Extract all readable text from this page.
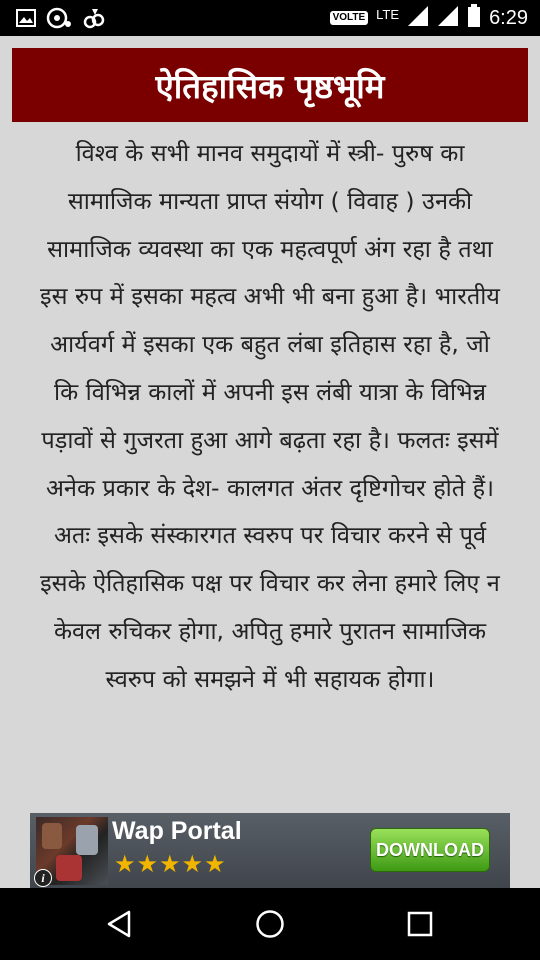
VOLTE LTE	6:29
ऐतिहासिक पृष्ठभूमि

विश्व के सभी मानव समुदायों में स्त्री- पुरुष का

सामाजिक मान्यता प्राप्त संयोग ( विवाह ) उनकी

सामाजिक व्यवस्था का एक महत्वपूर्ण अंग रहा है तथा

इस रुप में इसका महत्व अभी भी बना हुआ है। भारतीय

आर्यवर्ग में इसका एक बहुत लंबा इतिहास रहा है, जो

कि विभिन्न कालों में अपनी इस लंबी यात्रा के विभिन्न

पड़ावों से गुजरता हुआ आगे बढ़ता रहा है। फलतः इसमें

अनेक प्रकार के देश- कालगत अंतर दृष्टिगोचर होते हैं।

अतः इसके संस्कारगत स्वरुप पर विचार करने से पूर्व

इसके ऐतिहासिक पक्ष पर विचार कर लेना हमारे लिए न

केवल रुचिकर होगा, अपितु हमारे पुरातन सामाजिक

स्वरुप को समझने में भी सहायक होगा।

Wap Portal
★★★★★
DOWNLOAD
i
